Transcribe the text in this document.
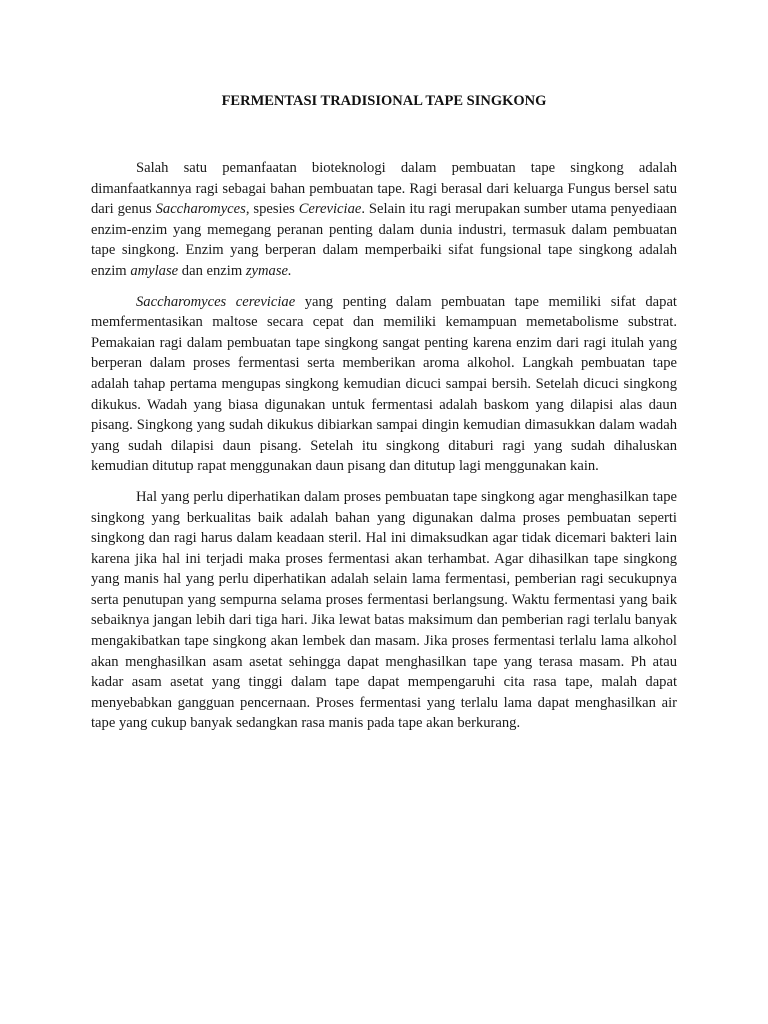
FERMENTASI TRADISIONAL TAPE SINGKONG

Salah satu pemanfaatan bioteknologi dalam pembuatan tape singkong adalah dimanfaatkannya ragi sebagai bahan pembuatan tape. Ragi berasal dari keluarga Fungus bersel satu dari genus Saccharomyces, spesies Cereviciae. Selain itu ragi merupakan sumber utama penyediaan enzim-enzim yang memegang peranan penting dalam dunia industri, termasuk dalam pembuatan tape singkong. Enzim yang berperan dalam memperbaiki sifat fungsional tape singkong adalah enzim amylase dan enzim zymase.

Saccharomyces cereviciae yang penting dalam pembuatan tape memiliki sifat dapat memfermentasikan maltose secara cepat dan memiliki kemampuan memetabolisme substrat. Pemakaian ragi dalam pembuatan tape singkong sangat penting karena enzim dari ragi itulah yang berperan dalam proses fermentasi serta memberikan aroma alkohol. Langkah pembuatan tape adalah tahap pertama mengupas singkong kemudian dicuci sampai bersih. Setelah dicuci singkong dikukus. Wadah yang biasa digunakan untuk fermentasi adalah baskom yang dilapisi alas daun pisang. Singkong yang sudah dikukus dibiarkan sampai dingin kemudian dimasukkan dalam wadah yang sudah dilapisi daun pisang. Setelah itu singkong ditaburi ragi yang sudah dihaluskan kemudian ditutup rapat menggunakan daun pisang dan ditutup lagi menggunakan kain.

Hal yang perlu diperhatikan dalam proses pembuatan tape singkong agar menghasilkan tape singkong yang berkualitas baik adalah bahan yang digunakan dalma proses pembuatan seperti singkong dan ragi harus dalam keadaan steril. Hal ini dimaksudkan agar tidak dicemari bakteri lain karena jika hal ini terjadi maka proses fermentasi akan terhambat. Agar dihasilkan tape singkong yang manis hal yang perlu diperhatikan adalah selain lama fermentasi, pemberian ragi secukupnya serta penutupan yang sempurna selama proses fermentasi berlangsung. Waktu fermentasi yang baik sebaiknya jangan lebih dari tiga hari. Jika lewat batas maksimum dan pemberian ragi terlalu banyak mengakibatkan tape singkong akan lembek dan masam. Jika proses fermentasi terlalu lama alkohol akan menghasilkan asam asetat sehingga dapat menghasilkan tape yang terasa masam. Ph atau kadar asam asetat yang tinggi dalam tape dapat mempengaruhi cita rasa tape, malah dapat menyebabkan gangguan pencernaan. Proses fermentasi yang terlalu lama dapat menghasilkan air tape yang cukup banyak sedangkan rasa manis pada tape akan berkurang.
